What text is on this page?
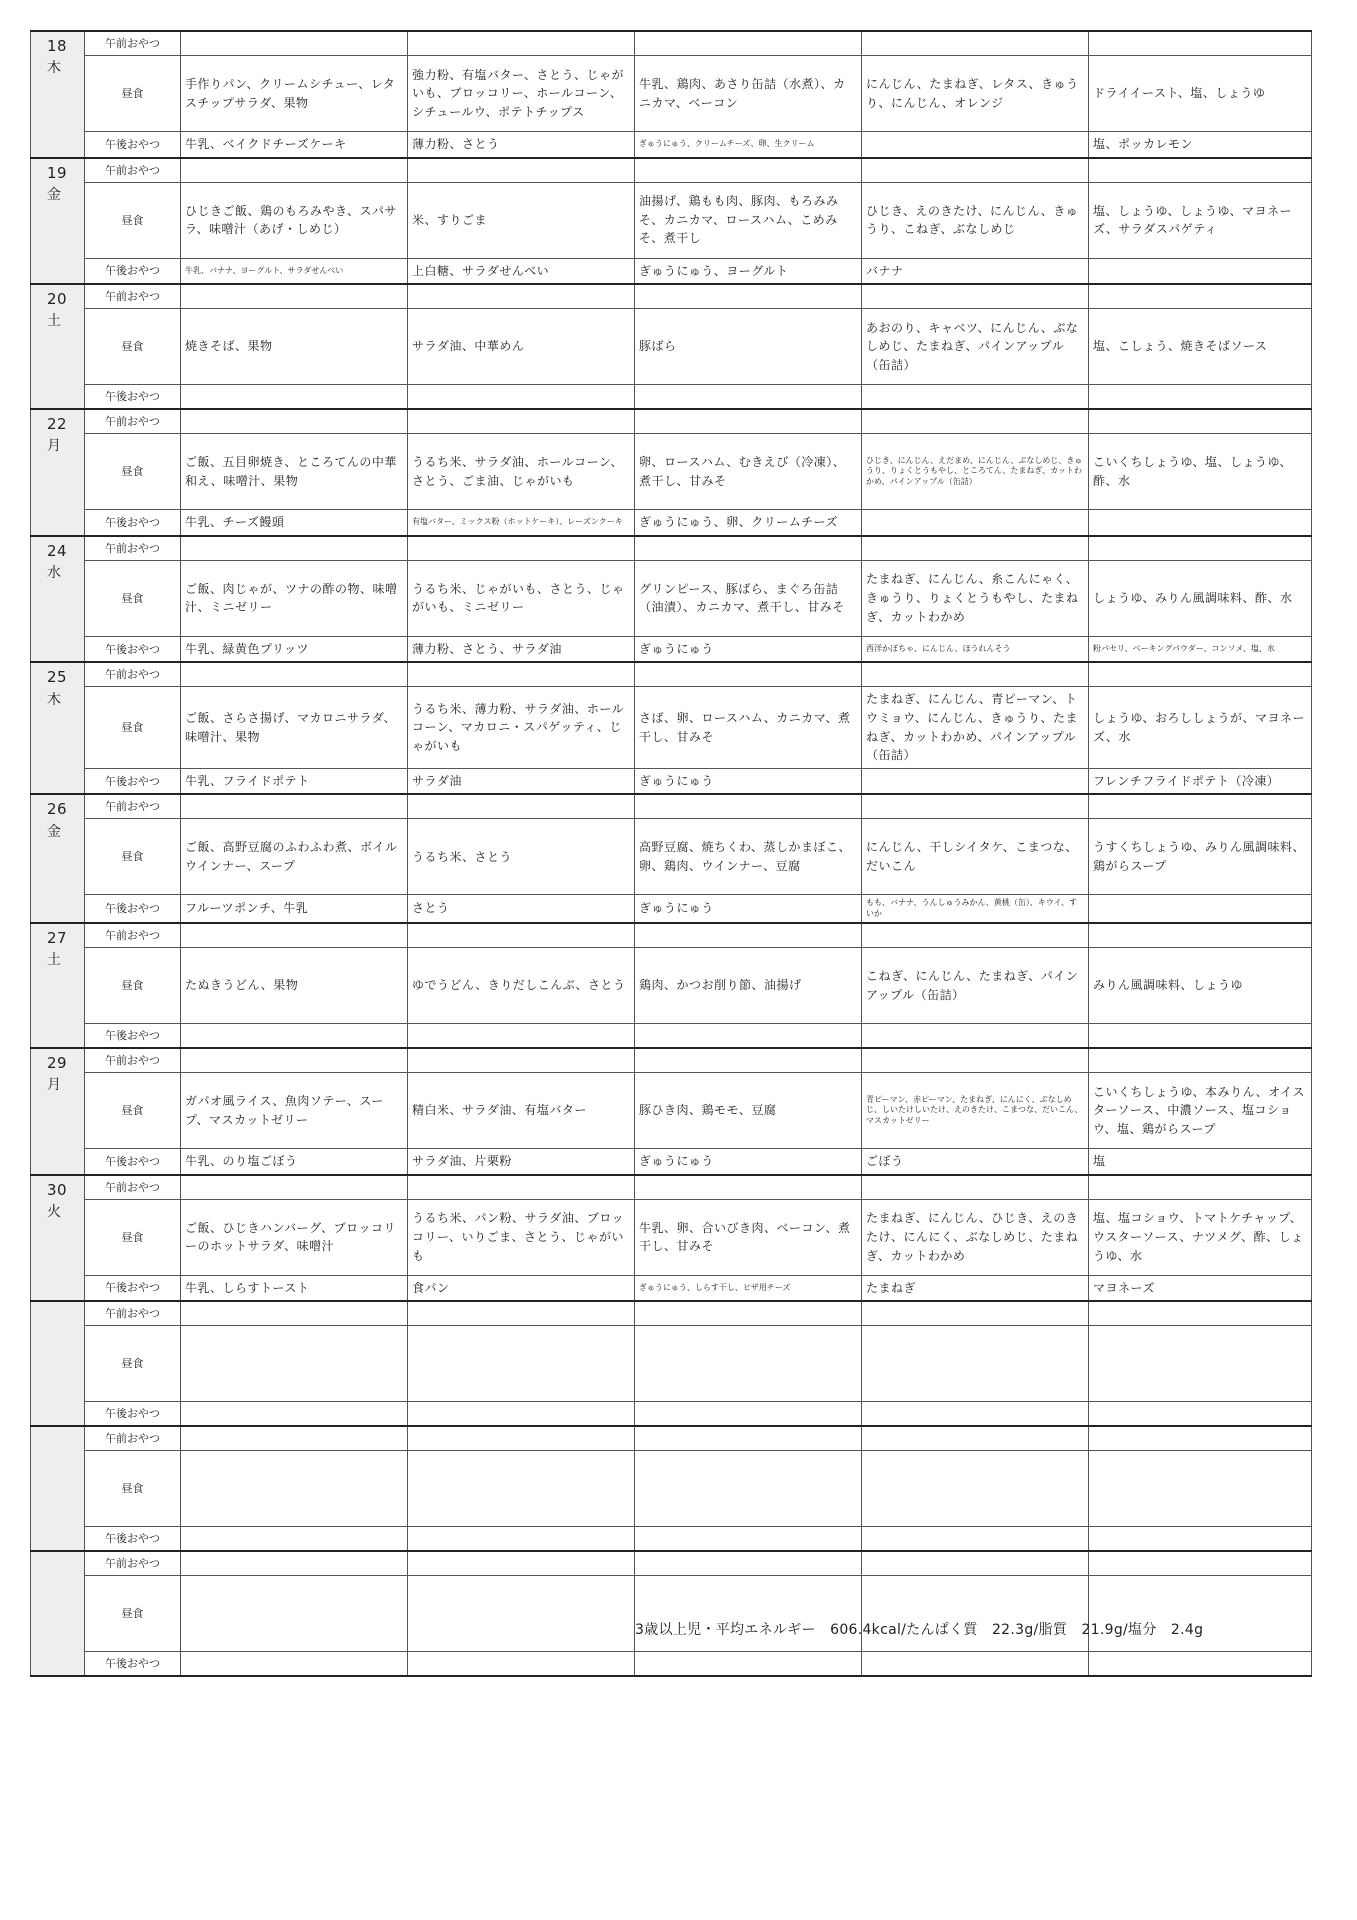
18
木	午前おやつ					
	昼食	手作りパン、クリームシチュー、レタスチップサラダ、果物	強力粉、有塩バター、さとう、じゃがいも、ブロッコリー、ホールコーン、シチュールウ、ポテトチップス	牛乳、鶏肉、あさり缶詰（水煮）、カニカマ、ベーコン	にんじん、たまねぎ、レタス、きゅうり、にんじん、オレンジ	ドライイースト、塩、しょうゆ
	午後おやつ	牛乳、ベイクドチーズケーキ	薄力粉、さとう	ぎゅうにゅう、クリームチーズ、卵、生クリーム		塩、ポッカレモン

19
金	午前おやつ					
	昼食	ひじきご飯、鶏のもろみやき、スパサラ、味噌汁（あげ・しめじ）	米、すりごま	油揚げ、鶏もも肉、豚肉、もろみみそ、カニカマ、ロースハム、こめみそ、煮干し	ひじき、えのきたけ、にんじん、きゅうり、こねぎ、ぶなしめじ	塩、しょうゆ、しょうゆ、マヨネーズ、サラダスパゲティ
	午後おやつ	牛乳、バナナ、ヨーグルト、サラダせんべい	上白糖、サラダせんべい	ぎゅうにゅう、ヨーグルト	バナナ	

20
土	午前おやつ					
	昼食	焼きそば、果物	サラダ油、中華めん	豚ばら	あおのり、キャベツ、にんじん、ぶなしめじ、たまねぎ、パインアップル（缶詰）	塩、こしょう、焼きそばソース
	午後おやつ					

22
月	午前おやつ					
	昼食	ご飯、五目卵焼き、ところてんの中華和え、味噌汁、果物	うるち米、サラダ油、ホールコーン、さとう、ごま油、じゃがいも	卵、ロースハム、むきえび（冷凍）、煮干し、甘みそ	ひじき、にんじん、えだまめ、にんじん、ぶなしめじ、きゅうり、りょくとうもやし、ところてん、たまねぎ、カットわかめ、パインアップル（缶詰）	こいくちしょうゆ、塩、しょうゆ、酢、水
	午後おやつ	牛乳、チーズ饅頭	有塩バター、ミックス粉（ホットケーキ）、レーズンクーキ	ぎゅうにゅう、卵、クリームチーズ		

24
水	午前おやつ					
	昼食	ご飯、肉じゃが、ツナの酢の物、味噌汁、ミニゼリー	うるち米、じゃがいも、さとう、じゃがいも、ミニゼリー	グリンピース、豚ばら、まぐろ缶詰（油漬）、カニカマ、煮干し、甘みそ	たまねぎ、にんじん、糸こんにゃく、きゅうり、りょくとうもやし、たまねぎ、カットわかめ	しょうゆ、みりん風調味料、酢、水
	午後おやつ	牛乳、緑黄色プリッツ	薄力粉、さとう、サラダ油	ぎゅうにゅう	西洋かぼちゃ、にんじん、ほうれんそう	粉パセリ、ベーキングパウダー、コンソメ、塩、水

25
木	午前おやつ					
	昼食	ご飯、さらさ揚げ、マカロニサラダ、味噌汁、果物	うるち米、薄力粉、サラダ油、ホールコーン、マカロニ・スパゲッティ、じゃがいも	さば、卵、ロースハム、カニカマ、煮干し、甘みそ	たまねぎ、にんじん、青ピーマン、トウミョウ、にんじん、きゅうり、たまねぎ、カットわかめ、パインアップル（缶詰）	しょうゆ、おろししょうが、マヨネーズ、水
	午後おやつ	牛乳、フライドポテト	サラダ油	ぎゅうにゅう		フレンチフライドポテト（冷凍）

26
金	午前おやつ					
	昼食	ご飯、高野豆腐のふわふわ煮、ボイルウインナー、スープ	うるち米、さとう	高野豆腐、焼ちくわ、蒸しかまぼこ、卵、鶏肉、ウインナー、豆腐	にんじん、干しシイタケ、こまつな、だいこん	うすくちしょうゆ、みりん風調味料、鶏がらスープ
	午後おやつ	フルーツポンチ、牛乳	さとう	ぎゅうにゅう	もも、バナナ、うんしゅうみかん、黄桃（缶）、キウイ、すいか	

27
土	午前おやつ					
	昼食	たぬきうどん、果物	ゆでうどん、きりだしこんぶ、さとう	鶏肉、かつお削り節、油揚げ	こねぎ、にんじん、たまねぎ、パインアップル（缶詰）	みりん風調味料、しょうゆ
	午後おやつ					

29
月	午前おやつ					
	昼食	ガパオ風ライス、魚肉ソテー、スープ、マスカットゼリー	精白米、サラダ油、有塩バター	豚ひき肉、鶏モモ、豆腐	青ピーマン、赤ピーマン、たまねぎ、にんにく、ぶなしめじ、しいたけしいたけ、えのきたけ、こまつな、だいこん、マスカットゼリー	こいくちしょうゆ、本みりん、オイスターソース、中濃ソース、塩コショウ、塩、鶏がらスープ
	午後おやつ	牛乳、のり塩ごぼう	サラダ油、片栗粉	ぎゅうにゅう	ごぼう	塩

30
火	午前おやつ					
	昼食	ご飯、ひじきハンバーグ、ブロッコリーのホットサラダ、味噌汁	うるち米、パン粉、サラダ油、ブロッコリー、いりごま、さとう、じゃがいも	牛乳、卵、合いびき肉、ベーコン、煮干し、甘みそ	たまねぎ、にんじん、ひじき、えのきたけ、にんにく、ぶなしめじ、たまねぎ、カットわかめ	塩、塩コショウ、トマトケチャップ、ウスターソース、ナツメグ、酢、しょうゆ、水
	午後おやつ	牛乳、しらすトースト	食パン	ぎゅうにゅう、しらす干し、ピザ用チーズ	たまねぎ	マヨネーズ

	午前おやつ					
	昼食					
	午後おやつ					

	午前おやつ					
	昼食					
	午後おやつ					

	午前おやつ					
	昼食					
	午後おやつ					
3歳以上児・平均エネルギー　606.4kcal/たんぱく質　22.3g/脂質　21.9g/塩分　2.4g
